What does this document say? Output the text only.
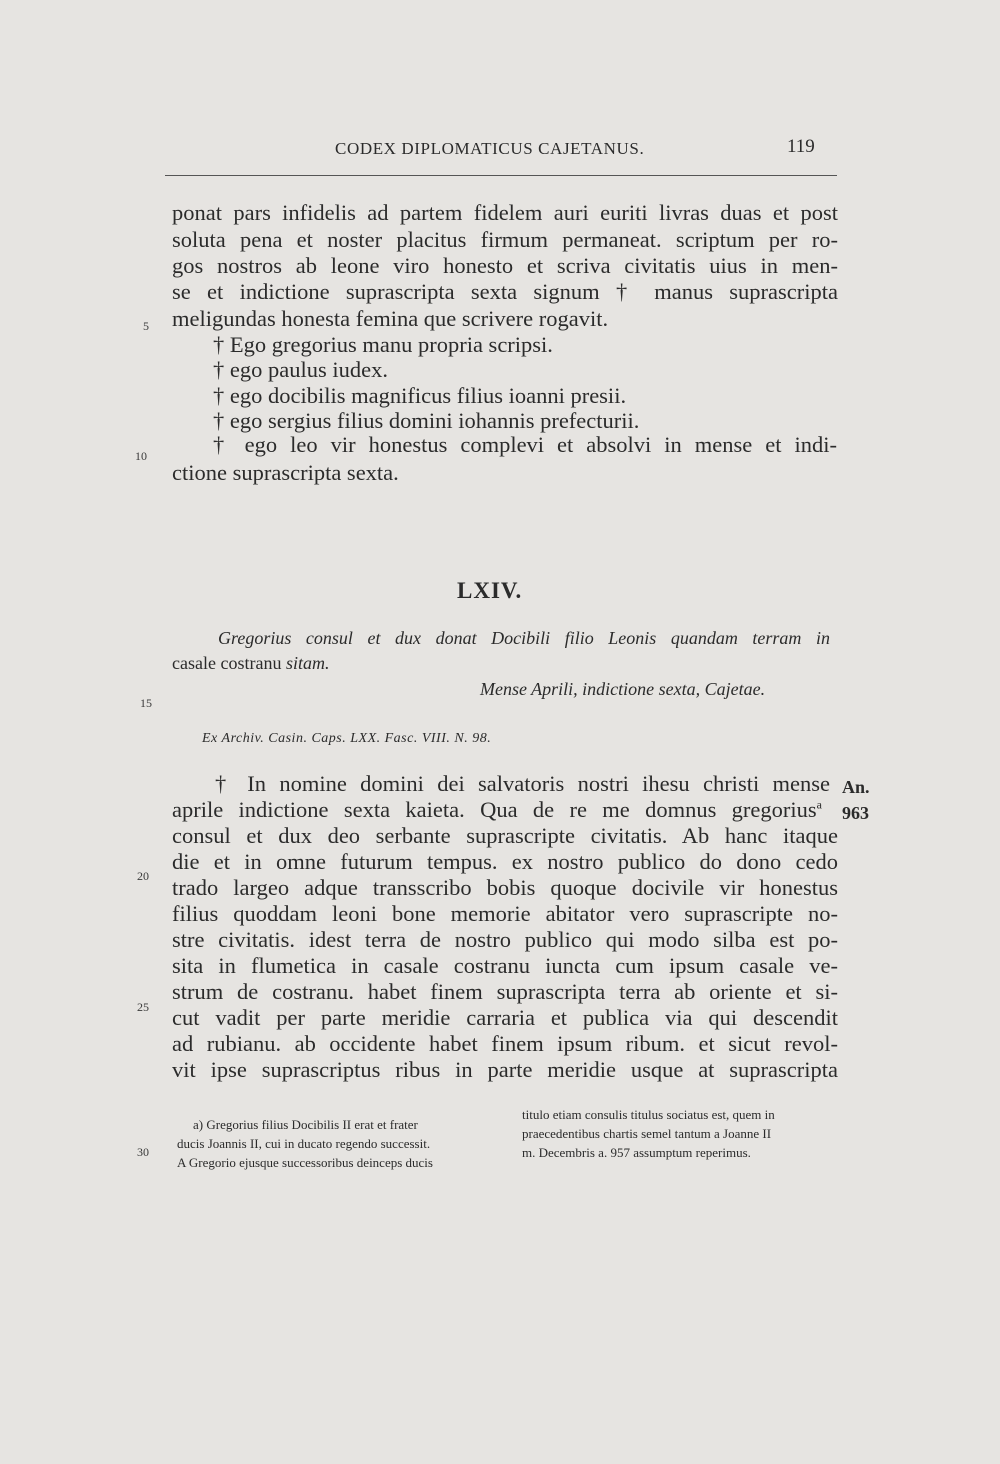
CODEX DIPLOMATICUS CAJETANUS.	119
ponat pars infidelis ad partem fidelem auri euriti livras duas et post
soluta pena et noster placitus firmum permaneat. scriptum per ro-
gos nostros ab leone viro honesto et scriva civitatis uius in men-
se et indictione suprascripta sexta signum † manus suprascripta
meligundas honesta femina que scrivere rogavit.
† Ego gregorius manu propria scripsi.
† ego paulus iudex.
† ego docibilis magnificus filius ioanni presii.
† ego sergius filius domini iohannis prefecturii.
† ego leo vir honestus complevi et absolvi in mense et indi-
ctione suprascripta sexta.
LXIV.
Gregorius consul et dux donat Docibili filio Leonis quandam terram in
casale costranu sitam.
Mense Aprili, indictione sexta, Cajetae.
Ex Archiv. Casin. Caps. LXX. Fasc. VIII. N. 98.
An.
963
† In nomine domini dei salvatoris nostri ihesu christi mense
aprile indictione sexta kaieta. Qua de re me domnus gregorius$^a$
consul et dux deo serbante suprascripte civitatis. Ab hanc itaque
die et in omne futurum tempus. ex nostro publico do dono cedo
trado largeo adque transscribo bobis quoque docivile vir honestus
filius quoddam leoni bone memorie abitator vero suprascripte no-
stre civitatis. idest terra de nostro publico qui modo silba est po-
sita in flumetica in casale costranu iuncta cum ipsum casale ve-
strum de costranu. habet finem suprascripta terra ab oriente et si-
cut vadit per parte meridie carraria et publica via qui descendit
ad rubianu. ab occidente habet finem ipsum ribum. et sicut revol-
vit ipse suprascriptus ribus in parte meridie usque at suprascripta
a) Gregorius filius Docibilis II erat et frater
ducis Joannis II, cui in ducato regendo successit.
A Gregorio ejusque successoribus deinceps ducis
titulo etiam consulis titulus sociatus est, quem in
praecedentibus chartis semel tantum a Joanne II
m. Decembris a. 957 assumptum reperimus.
5
10
15
20
25
30
